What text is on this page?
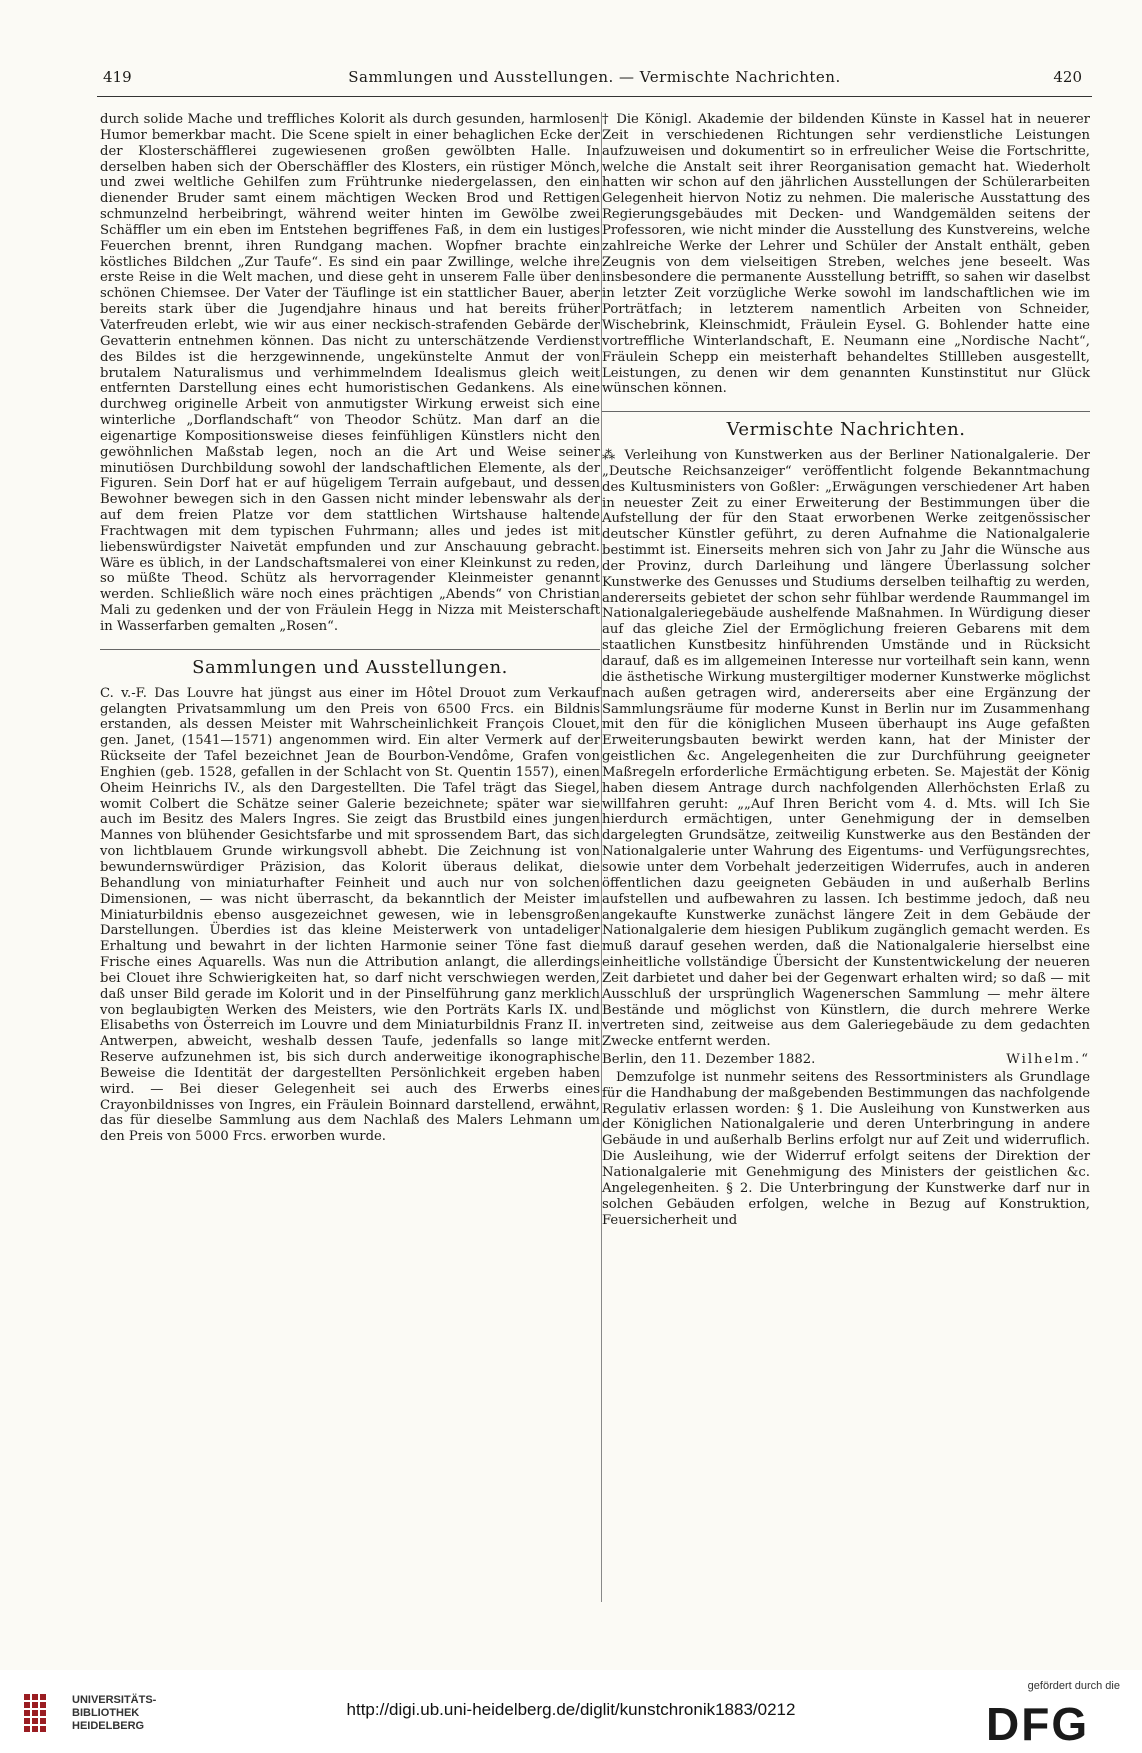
419	Sammlungen und Ausstellungen. — Vermischte Nachrichten.	420

durch solide Mache und treffliches Kolorit als durch gesunden, harmlosen Humor bemerkbar macht. Die Scene spielt in einer behaglichen Ecke der der Klosterschäfflerei zugewiesenen großen gewölbten Halle. In derselben haben sich der Oberschäffler des Klosters, ein rüstiger Mönch, und zwei weltliche Gehilfen zum Frühtrunke niedergelassen, den ein dienender Bruder samt einem mächtigen Wecken Brod und Rettigen schmunzelnd herbeibringt, während weiter hinten im Gewölbe zwei Schäffler um ein eben im Entstehen begriffenes Faß, in dem ein lustiges Feuerchen brennt, ihren Rundgang machen. Wopfner brachte ein köstliches Bildchen „Zur Taufe“. Es sind ein paar Zwillinge, welche ihre erste Reise in die Welt machen, und diese geht in unserem Falle über den schönen Chiemsee. Der Vater der Täuflinge ist ein stattlicher Bauer, aber bereits stark über die Jugendjahre hinaus und hat bereits früher Vaterfreuden erlebt, wie wir aus einer neckisch-strafenden Gebärde der Gevatterin entnehmen können. Das nicht zu unterschätzende Verdienst des Bildes ist die herzgewinnende, ungekünstelte Anmut der von brutalem Naturalismus und verhimmelndem Idealismus gleich weit entfernten Darstellung eines echt humoristischen Gedankens. Als eine durchweg originelle Arbeit von anmutigster Wirkung erweist sich eine winterliche „Dorflandschaft“ von Theodor Schütz. Man darf an die eigenartige Kompositionsweise dieses feinfühligen Künstlers nicht den gewöhnlichen Maßstab legen, noch an die Art und Weise seiner minutiösen Durchbildung sowohl der landschaftlichen Elemente, als der Figuren. Sein Dorf hat er auf hügeligem Terrain aufgebaut, und dessen Bewohner bewegen sich in den Gassen nicht minder lebenswahr als der auf dem freien Platze vor dem stattlichen Wirtshause haltende Frachtwagen mit dem typischen Fuhrmann; alles und jedes ist mit liebenswürdigster Naivetät empfunden und zur Anschauung gebracht. Wäre es üblich, in der Landschaftsmalerei von einer Kleinkunst zu reden, so müßte Theod. Schütz als hervorragender Kleinmeister genannt werden. Schließlich wäre noch eines prächtigen „Abends“ von Christian Mali zu gedenken und der von Fräulein Hegg in Nizza mit Meisterschaft in Wasserfarben gemalten „Rosen“.

Sammlungen und Ausstellungen.

C. v.-F. Das Louvre hat jüngst aus einer im Hôtel Drouot zum Verkauf gelangten Privatsammlung um den Preis von 6500 Frcs. ein Bildnis erstanden, als dessen Meister mit Wahrscheinlichkeit François Clouet, gen. Janet, (1541—1571) angenommen wird. Ein alter Vermerk auf der Rückseite der Tafel bezeichnet Jean de Bourbon-Vendôme, Grafen von Enghien (geb. 1528, gefallen in der Schlacht von St. Quentin 1557), einen Oheim Heinrichs IV., als den Dargestellten. Die Tafel trägt das Siegel, womit Colbert die Schätze seiner Galerie bezeichnete; später war sie auch im Besitz des Malers Ingres. Sie zeigt das Brustbild eines jungen Mannes von blühender Gesichtsfarbe und mit sprossendem Bart, das sich von lichtblauem Grunde wirkungsvoll abhebt. Die Zeichnung ist von bewundernswürdiger Präzision, das Kolorit überaus delikat, die Behandlung von miniaturhafter Feinheit und auch nur von solchen Dimensionen, — was nicht überrascht, da bekanntlich der Meister im Miniaturbildnis ebenso ausgezeichnet gewesen, wie in lebensgroßen Darstellungen. Überdies ist das kleine Meisterwerk von untadeliger Erhaltung und bewahrt in der lichten Harmonie seiner Töne fast die Frische eines Aquarells. Was nun die Attribution anlangt, die allerdings bei Clouet ihre Schwierigkeiten hat, so darf nicht verschwiegen werden, daß unser Bild gerade im Kolorit und in der Pinselführung ganz merklich von beglaubigten Werken des Meisters, wie den Porträts Karls IX. und Elisabeths von Österreich im Louvre und dem Miniaturbildnis Franz II. in Antwerpen, abweicht, weshalb dessen Taufe, jedenfalls so lange mit Reserve aufzunehmen ist, bis sich durch anderweitige ikonographische Beweise die Identität der dargestellten Persönlichkeit ergeben haben wird. — Bei dieser Gelegenheit sei auch des Erwerbs eines Crayonbildnisses von Ingres, ein Fräulein Boinnard darstellend, erwähnt, das für dieselbe Sammlung aus dem Nachlaß des Malers Lehmann um den Preis von 5000 Frcs. erworben wurde.

† Die Königl. Akademie der bildenden Künste in Kassel hat in neuerer Zeit in verschiedenen Richtungen sehr verdienstliche Leistungen aufzuweisen und dokumentirt so in erfreulicher Weise die Fortschritte, welche die Anstalt seit ihrer Reorganisation gemacht hat. Wiederholt hatten wir schon auf den jährlichen Ausstellungen der Schülerarbeiten Gelegenheit hiervon Notiz zu nehmen. Die malerische Ausstattung des Regierungsgebäudes mit Decken- und Wandgemälden seitens der Professoren, wie nicht minder die Ausstellung des Kunstvereins, welche zahlreiche Werke der Lehrer und Schüler der Anstalt enthält, geben Zeugnis von dem vielseitigen Streben, welches jene beseelt. Was insbesondere die permanente Ausstellung betrifft, so sahen wir daselbst in letzter Zeit vorzügliche Werke sowohl im landschaftlichen wie im Porträtfach; in letzterem namentlich Arbeiten von Schneider, Wischebrink, Kleinschmidt, Fräulein Eysel. G. Bohlender hatte eine vortreffliche Winterlandschaft, E. Neumann eine „Nordische Nacht“, Fräulein Schepp ein meisterhaft behandeltes Stillleben ausgestellt, Leistungen, zu denen wir dem genannten Kunstinstitut nur Glück wünschen können.

Vermischte Nachrichten.

⁂ Verleihung von Kunstwerken aus der Berliner Nationalgalerie. Der „Deutsche Reichsanzeiger“ veröffentlicht folgende Bekanntmachung des Kultusministers von Goßler: „Erwägungen verschiedener Art haben in neuester Zeit zu einer Erweiterung der Bestimmungen über die Aufstellung der für den Staat erworbenen Werke zeitgenössischer deutscher Künstler geführt, zu deren Aufnahme die Nationalgalerie bestimmt ist. Einerseits mehren sich von Jahr zu Jahr die Wünsche aus der Provinz, durch Darleihung und längere Überlassung solcher Kunstwerke des Genusses und Studiums derselben teilhaftig zu werden, andererseits gebietet der schon sehr fühlbar werdende Raummangel im Nationalgaleriegebäude aushelfende Maßnahmen. In Würdigung dieser auf das gleiche Ziel der Ermöglichung freieren Gebarens mit dem staatlichen Kunstbesitz hinführenden Umstände und in Rücksicht darauf, daß es im allgemeinen Interesse nur vorteilhaft sein kann, wenn die ästhetische Wirkung mustergiltiger moderner Kunstwerke möglichst nach außen getragen wird, andererseits aber eine Ergänzung der Sammlungsräume für moderne Kunst in Berlin nur im Zusammenhang mit den für die königlichen Museen überhaupt ins Auge gefaßten Erweiterungsbauten bewirkt werden kann, hat der Minister der geistlichen &c. Angelegenheiten die zur Durchführung geeigneter Maßregeln erforderliche Ermächtigung erbeten. Se. Majestät der König haben diesem Antrage durch nachfolgenden Allerhöchsten Erlaß zu willfahren geruht: „„Auf Ihren Bericht vom 4. d. Mts. will Ich Sie hierdurch ermächtigen, unter Genehmigung der in demselben dargelegten Grundsätze, zeitweilig Kunstwerke aus den Beständen der Nationalgalerie unter Wahrung des Eigentums- und Verfügungsrechtes, sowie unter dem Vorbehalt jederzeitigen Widerrufes, auch in anderen öffentlichen dazu geeigneten Gebäuden in und außerhalb Berlins aufstellen und aufbewahren zu lassen. Ich bestimme jedoch, daß neu angekaufte Kunstwerke zunächst längere Zeit in dem Gebäude der Nationalgalerie dem hiesigen Publikum zugänglich gemacht werden. Es muß darauf gesehen werden, daß die Nationalgalerie hierselbst eine einheitliche vollständige Übersicht der Kunstentwickelung der neueren Zeit darbietet und daher bei der Gegenwart erhalten wird; so daß — mit Ausschluß der ursprünglich Wagenerschen Sammlung — mehr ältere Bestände und möglichst von Künstlern, die durch mehrere Werke vertreten sind, zeitweise aus dem Galeriegebäude zu dem gedachten Zwecke entfernt werden.

Berlin, den 11. Dezember 1882.	Wilhelm.“

Demzufolge ist nunmehr seitens des Ressortministers als Grundlage für die Handhabung der maßgebenden Bestimmungen das nachfolgende Regulativ erlassen worden: § 1. Die Ausleihung von Kunstwerken aus der Königlichen Nationalgalerie und deren Unterbringung in andere Gebäude in und außerhalb Berlins erfolgt nur auf Zeit und widerruflich. Die Ausleihung, wie der Widerruf erfolgt seitens der Direktion der Nationalgalerie mit Genehmigung des Ministers der geistlichen &c. Angelegenheiten. § 2. Die Unterbringung der Kunstwerke darf nur in solchen Gebäuden erfolgen, welche in Bezug auf Konstruktion, Feuersicherheit und

UNIVERSITÄTS-
BIBLIOTHEK
HEIDELBERG
http://digi.ub.uni-heidelberg.de/diglit/kunstchronik1883/0212
gefördert durch die
DFG
